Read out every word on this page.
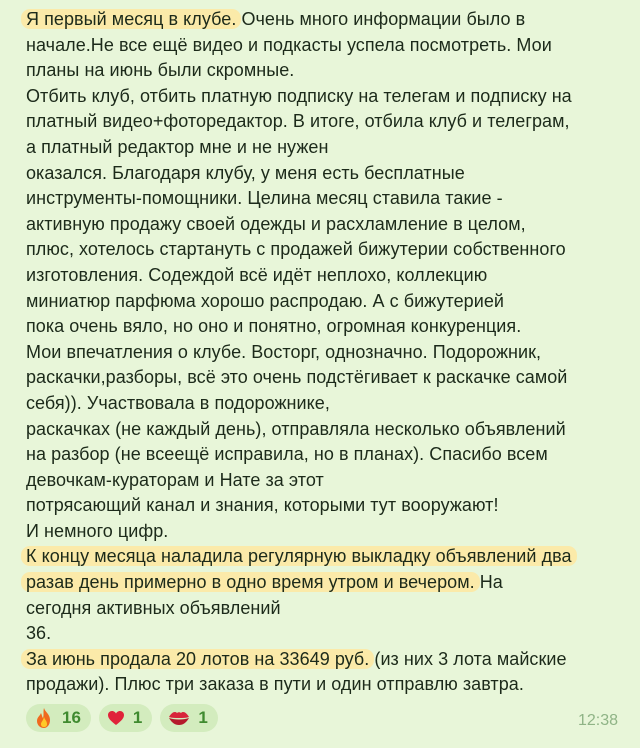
Я первый месяц в клубе. Очень много информации было в
начале.Не все ещё видео и подкасты успела посмотреть. Мои
планы на июнь были скромные.
Отбить клуб, отбить платную подписку на телегам и подписку на
платный видео+фоторедактор. В итоге, отбила клуб и телеграм,
а платный редактор мне и не нужен
оказался. Благодаря клубу, у меня есть бесплатные
инструменты-помощники. Целина месяц ставила такие -
активную продажу своей одежды и расхламление в целом,
плюс, хотелось стартануть с продажей бижутерии собственного
изготовления. Содеждой всё идёт неплохо, коллекцию
миниатюр парфюма хорошо распродаю. А с бижутерией
пока очень вяло, но оно и понятно, огромная конкуренция.
Мои впечатления о клубе. Восторг, однозначно. Подорожник,
раскачки,разборы, всё это очень подстёгивает к раскачке самой
себя)). Участвовала в подорожнике,
раскачках (не каждый день), отправляла несколько объявлений
на разбор (не всеещё исправила, но в планах). Спасибо всем
девочкам-кураторам и Нате за этот
потрясающий канал и знания, которыми тут вооружают!
И немного цифр.
К концу месяца наладила регулярную выкладку объявлений два
разав день примерно в одно время утром и вечером. На
сегодня активных объявлений
36.
За июнь продала 20 лотов на 33649 руб. (из них 3 лота майские
продажи). Плюс три заказа в пути и один отправлю завтра.

16	1	1	12:38
